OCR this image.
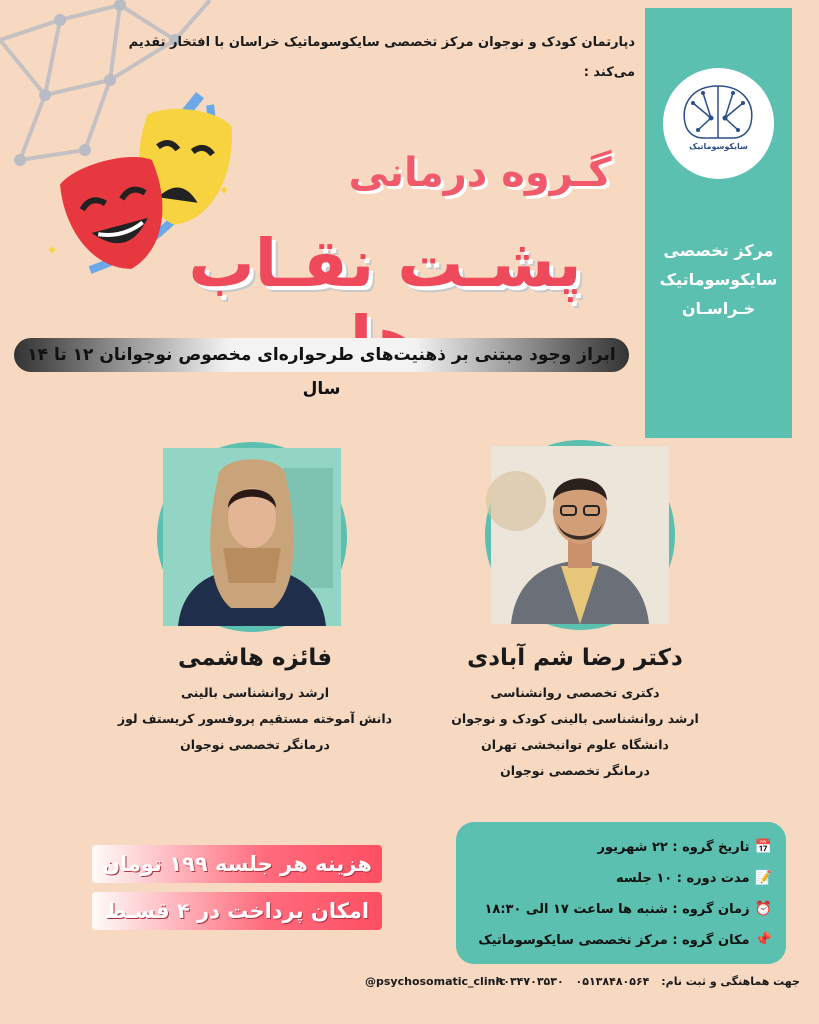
دپارتمان کودک و نوجوان مرکز تخصصی سایکوسوماتیک خراسان با افتخار تقدیم می‌کند :
سایکوسوماتیک
مرکز تخصصی
سایکوسوماتیک
خـراسـان
✦
✦
گـروه درمانی
پشـت نقـاب
ابراز وجود مبتنی بر ذهنیت‌های طرحواره‌ای مخصوص نوجوانان ۱۲ تا ۱۴ سال
دکتر رضا شم آبادی
دکتری تخصصی روانشناسی
ارشد روانشناسی بالینی کودک و نوجوان
دانشگاه علوم توانبخشی تهران
درمانگر تخصصی نوجوان
فائزه هاشمی
ارشد روانشناسی بالینی
دانش آموخته مستقیم پروفسور کریستف لوز
درمانگر تخصصی نوجوان
هزینه هر جلسه ۱۹۹ تومان
امکان پرداخت در ۴ قسـط
📅تاریخ گروه : ۲۲ شهریور
📝مدت دوره : ۱۰ جلسه
⏰زمان گروه : شنبه ها ساعت ۱۷ الی ۱۸:۳۰
📌مکان گروه : مرکز تخصصی سایکوسوماتیک
جهت هماهنگی و ثبت نام: ۰۵۱۳۸۴۸۰۵۶۴ ۰۹۰۳۴۷۰۳۵۳۰
@psychosomatic_clinic
